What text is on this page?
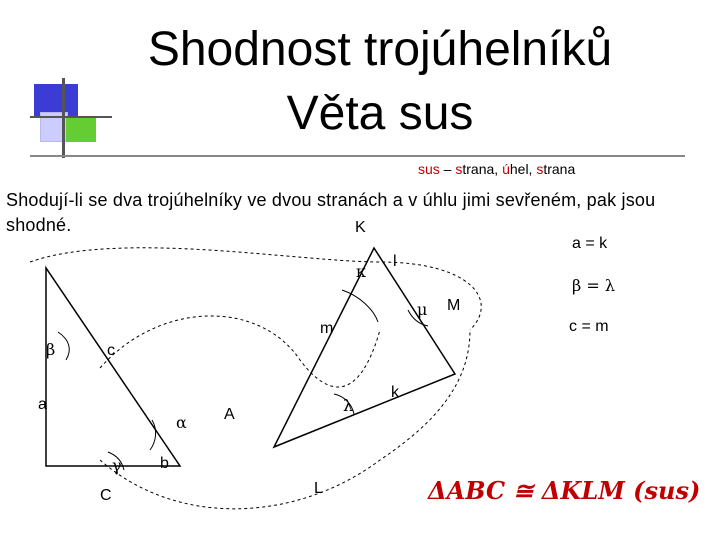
Shodnost trojúhelníků
Věta sus
sus – strana, úhel, strana
Shodují-li se dva trojúhelníky ve dvou stranách a v úhlu jimi sevřeném, pak jsou shodné.
a
b
c
C
β
α
γ
K
L
M
l
m
k
A
κ
μ
λ
a = k
β = λ
c = m
ΔABC ≅ ΔKLM (sus)
